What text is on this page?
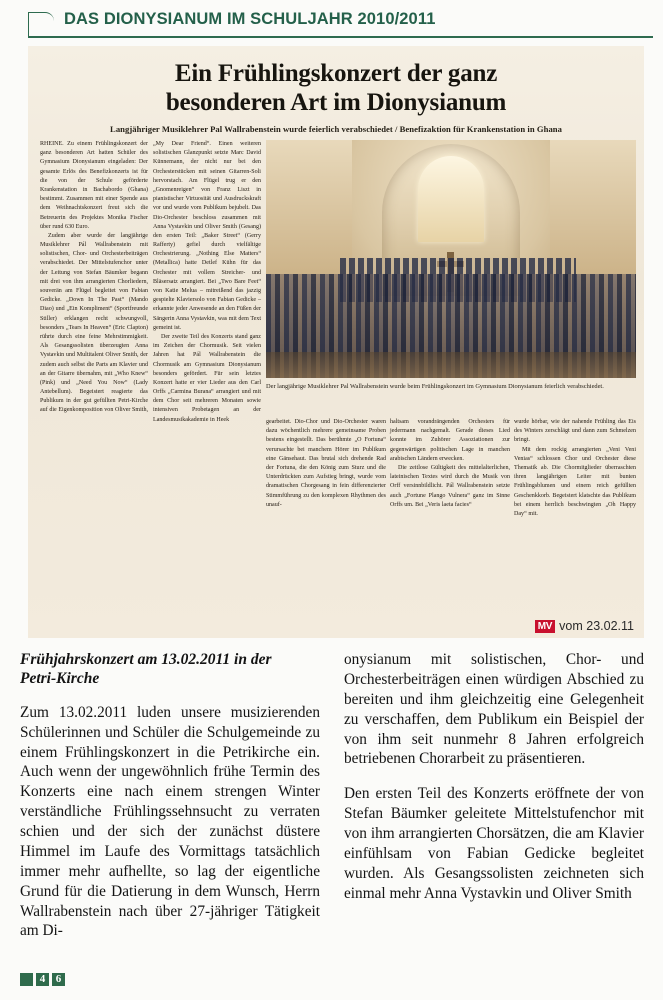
DAS DIONYSIANUM IM SCHULJAHR 2010/2011
Ein Frühlingskonzert der ganz
besonderen Art im Dionysianum
Langjähriger Musiklehrer Pal Wallrabenstein wurde feierlich verabschiedet / Benefizaktion für Krankenstation in Ghana
Der langjährige Musiklehrer Pal Wallrabenstein wurde beim Frühlingskonzert im Gymnasium Dionysianum feierlich verabschiedet.

RHEINE. Zu einem Frühlingskonzert der ganz besonderen Art hatten Schüler des Gymnasium Dionysianum eingeladen: Der gesamte Erlös des Benefizkonzerts ist für die von der Schule geförderte Krankenstation in Bachabordo (Ghana) bestimmt. Zusammen mit einer Spende aus dem Weihnachtskonzert freut sich die Betreuerin des Projektes Monika Fischer über rund 630 Euro.

Zudem aber wurde der langjährige Musiklehrer Pál Wallrabenstein mit solistischen, Chor- und Orchesterbeiträgen verabschiedet. Der Mittelstufenchor unter der Leitung von Stefan Bäumker begann mit drei von ihm arrangierten Chorliedern, souverän am Flügel begleitet von Fabian Gedicke. „Down In The Past“ (Mando Diao) und „Ein Kompliment“ (Sportfreunde Stiller) erklangen recht schwungvoll, besonders „Tears In Heaven“ (Eric Clapton) rührte durch eine feine Mehrstimmigkeit. Als Gesangssolisten überzeugten Anna Vystavkin und Multitalent Oliver Smith, der zudem auch selbst die Parts am Klavier und an der Gitarre übernahm, mit „Who Knew“ (Pink) und „Need You Now“ (Lady Antebellum). Begeistert reagierte das Publikum in der gut gefüllten Petri-Kirche auf die Eigenkomposition von Oliver Smith,

„My Dear Friend“. Einen weiteren solistischen Glanzpunkt setzte Marc David Künnemann, der nicht nur bei den Orchesterstücken mit seinen Gitarren-Soli hervorstach. Am Flügel trug er den „Gnomenreigen“ von Franz Liszt in pianistischer Virtuosität und Ausdruckskraft vor und wurde vom Publikum bejubelt. Das Dio-Orchester beschloss zusammen mit Anna Vystavkin und Oliver Smith (Gesang) den ersten Teil: „Baker Street“ (Gerry Rafferty) gefiel durch vielfältige Orchestrierung. „Nothing Else Matters“ (Metallica) hatte Detlef Kühn für das Orchester mit vollem Streicher- und Bläsersatz arrangiert. Bei „Two Bare Feet“ von Katie Melua – mitreißend das jazzig gespielte Klaviersolo von Fabian Gedicke – erkannte jeder Anwesende an den Füßen der Sängerin Anna Vystavkin, was mit dem Text gemeint ist.

Der zweite Teil des Konzerts stand ganz im Zeichen der Chormusik. Seit vielen Jahren hat Pál Wallrabenstein die Chormusik am Gymnasium Dionysianum besonders gefördert. Für sein letztes Konzert hatte er vier Lieder aus den Carl Orffs „Carmina Burana“ arrangiert und mit dem Chor seit mehreren Monaten sowie intensiven Probetagen an der Landesmusikakademie in Heek	gearbeitet. Dio-Chor und Dio-Orchester waren dazu wöchentlich mehrere gemeinsame Proben bestens eingestellt. Das berühmte „O Fortuna“ verursachte bei manchem Hörer im Publikum eine Gänsehaut. Das brutal sich drehende Rad der Fortuna, die den König zum Sturz und die Unterdrückten zum Aufstieg bringt, wurde vom dramatischen Chorgesang in fein differenzierter Stimmführung zu den komplexen Rhythmen des unauf-

haltsam vorandrängenden Orchesters für jedermann nachgemalt. Gerade dieses Lied konnte im Zuhörer Assoziationen zur gegenwärtigen politischen Lage in manchen arabischen Ländern erwecken.

Die zeitlose Gültigkeit des mittelalterlichen, lateinischen Textes wird durch die Musik von Orff versinnbildlicht. Pál Wallrabenstein setzte auch „Fortune Plango Vulnera“ ganz im Sinne Orffs um. Bei „Veris laeta facies“

wurde hörbar, wie der nahende Frühling das Eis des Winters zerschlägt und dann zum Schmelzen bringt.

Mit dem rockig arrangierten „Veni Veni Venias“ schlossen Chor und Orchester diese Thematik ab. Die Chormitglieder überraschten ihren langjährigen Leiter mit bunten Frühlingsblumen und einem reich gefüllten Geschenkkorb. Begeistert klatschte das Publikum bei einem herrlich beschwingten „Oh Happy Day“ mit.

MV vom 23.02.11
Frühjahrskonzert am 13.02.2011 in der
Petri-Kirche

Zum 13.02.2011 luden unsere musizierenden Schülerinnen und Schüler die Schulgemeinde zu einem Frühlingskonzert in die Petrikirche ein. Auch wenn der ungewöhnlich frühe Termin des Konzerts eine nach einem strengen Winter verständliche Frühlingssehnsucht zu verraten schien und der sich der zunächst düstere Himmel im Laufe des Vormittags tatsächlich immer mehr aufhellte, so lag der eigentliche Grund für die Datierung in dem Wunsch, Herrn Wallrabenstein nach über 27-jähriger Tätigkeit am Di-

onysianum mit solistischen, Chor- und Orchesterbeiträgen einen würdigen Abschied zu bereiten und ihm gleichzeitig eine Gelegenheit zu verschaffen, dem Publikum ein Beispiel der von ihm seit nunmehr 8 Jahren erfolgreich betriebenen Chorarbeit zu präsentieren.

Den ersten Teil des Konzerts eröffnete der von Stefan Bäumker geleitete Mittelstufenchor mit von ihm arrangierten Chorsätzen, die am Klavier einfühlsam von Fabian Gedicke begleitet wurden. Als Gesangssolisten zeichneten sich einmal mehr Anna Vystavkin und Oliver Smith

4 6
